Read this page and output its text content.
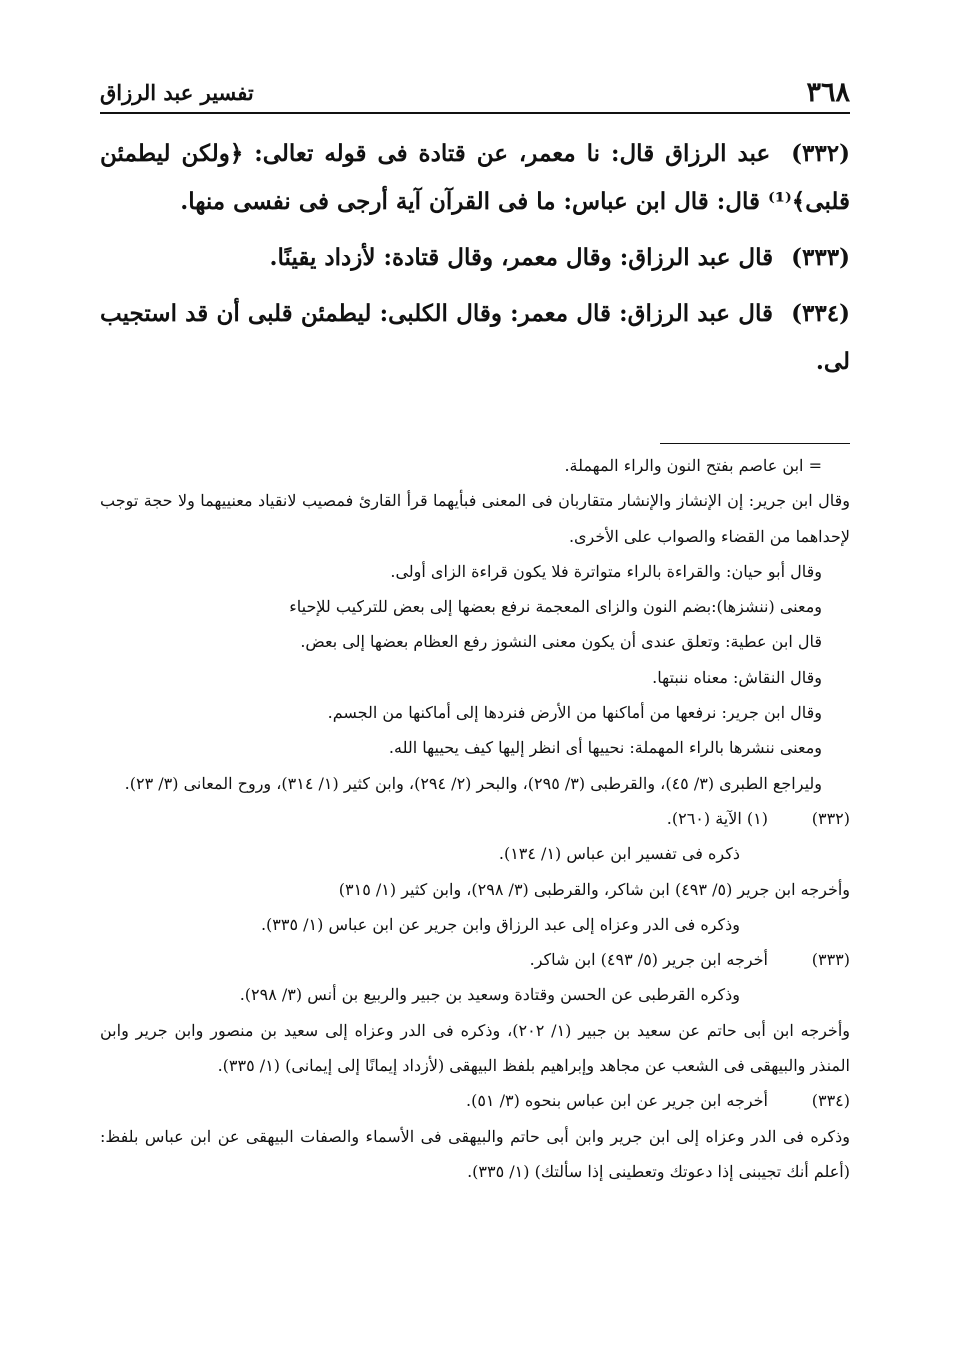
٣٦٨
تفسير عبد الرزاق

(٣٣٢) عبد الرزاق قال: نا معمر، عن قتادة فى قوله تعالى: ﴿ولكن ليطمئن قلبى﴾⁽¹⁾ قال: قال ابن عباس: ما فى القرآن آية أرجى فى نفسى منها.

(٣٣٣) قال عبد الرزاق: وقال معمر، وقال قتادة: لأزداد يقينًا.

(٣٣٤) قال عبد الرزاق: قال معمر: وقال الكلبى: ليطمئن قلبى أن قد استجيب لى.

= ابن عاصم بفتح النون والراء المهملة.

وقال ابن جرير: إن الإنشاز والإنشار متقاربان فى المعنى فبأيهما قرأ القارئ فمصيب لانقياد معنييهما ولا حجة توجب لإحداهما من القضاء والصواب على الأخرى.

وقال أبو حيان: والقراءة بالراء متواترة فلا يكون قراءة الزاى أولى.

ومعنى (ننشزها):بضم النون والزاى المعجمة نرفع بعضها إلى بعض للتركيب للإحياء

قال ابن عطية: وتعلق عندى أن يكون معنى النشوز رفع العظام بعضها إلى بعض.

وقال النقاش: معناه ننبتها.

وقال ابن جرير: نرفعها من أماكنها من الأرض فنردها إلى أماكنها من الجسم.

ومعنى ننشرها بالراء المهملة: نحييها أى انظر إليها كيف يحييها الله.

وليراجع الطبرى (٣/ ٤٥)، والقرطبى (٣/ ٢٩٥)، والبحر (٢/ ٢٩٤)، وابن كثير (١/ ٣١٤)، وروح المعانى (٣/ ٢٣).

(٣٣٢)
(١) الآية (٢٦٠).

ذكره فى تفسير ابن عباس (١/ ١٣٤).

وأخرجه ابن جرير (٥/ ٤٩٣) ابن شاكر، والقرطبى (٣/ ٢٩٨)، وابن كثير (١/ ٣١٥)

وذكره فى الدر وعزاه إلى عبد الرزاق وابن جرير عن ابن عباس (١/ ٣٣٥).

(٣٣٣)
أخرجه ابن جرير (٥/ ٤٩٣) ابن شاكر.

وذكره القرطبى عن الحسن وقتادة وسعيد بن جبير والربيع بن أنس (٣/ ٢٩٨).

وأخرجه ابن أبى حاتم عن سعيد بن جبير (١/ ٢٠٢)، وذكره فى الدر وعزاه إلى سعيد بن منصور وابن جرير وابن المنذر والبيهقى فى الشعب عن مجاهد وإبراهيم بلفظ البيهقى (لأزداد إيمانًا إلى إيمانى) (١/ ٣٣٥).

(٣٣٤)
أخرجه ابن جرير عن ابن عباس بنحوه (٣/ ٥١).

وذكره فى الدر وعزاه إلى ابن جرير وابن أبى حاتم والبيهقى فى الأسماء والصفات البيهقى عن ابن عباس بلفظ: (أعلم أنك تجيبنى إذا دعوتك وتعطينى إذا سألتك) (١/ ٣٣٥).
